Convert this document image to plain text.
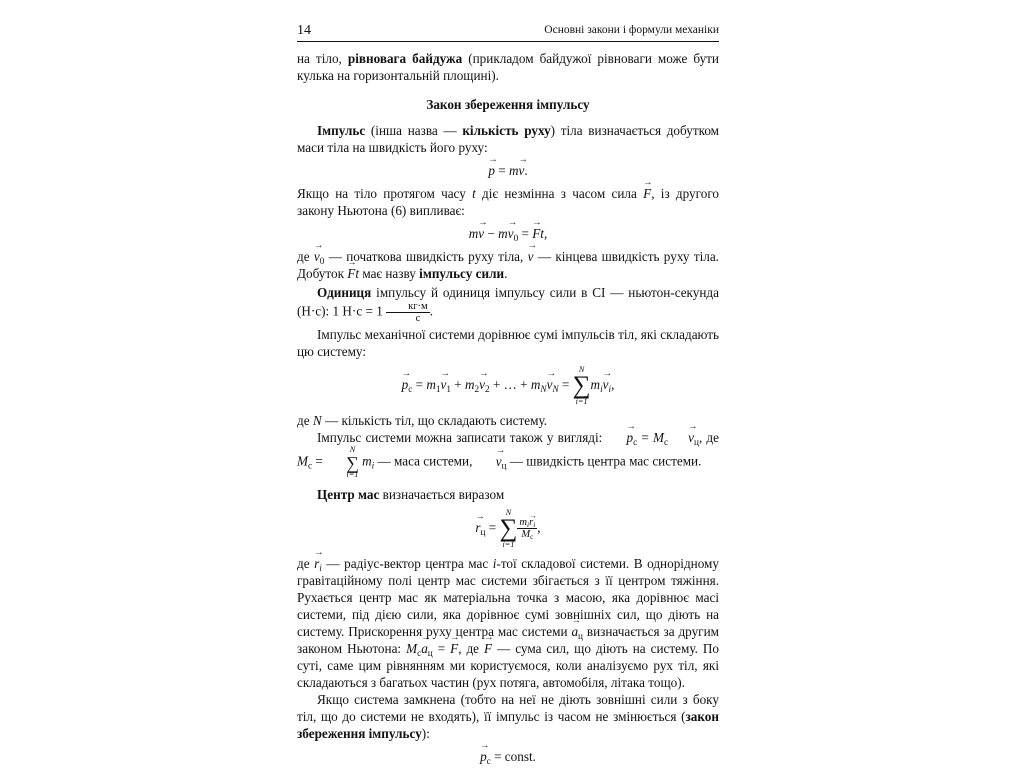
14	Основні закони і формули механіки

на тіло, рівновага байдужа (прикладом байдужої рівноваги може бути кулька на горизонтальній площині).

Закон збереження імпульсу

Імпульс (інша назва — кількість руху) тіла визначається добутком маси тіла на швидкість його руху:

→ p = m→ v.

Якщо на тіло протягом часу t діє незмінна з часом сила → F, із другого закону Ньютона (6) випливає:

$m\to v - m\to v_0$ = → Ft,

де → $v_0$ — початкова швидкість руху тіла, → v — кінцева швидкість руху тіла. Добуток → Ft має назву імпульсу сили.

Одиниця імпульсу й одиниця імпульсу сили в СІ — ньютон-секунда (Н·с): 1 $Н\cdot с = 1 \frac{кг\cdot м}{с}$ .

Імпульс механічної системи дорівнює сумі імпульсів тіл, які складають цю систему:

→ $p_c = m_1\to v_1 + m_2\to v_2$ + … + $m_N\to v_N$ =
N
∑
i=1
$m_i\to v_i$,

де N — кількість тіл, що складають систему.

Імпульс системи можна записати також у вигляді: → $p_c = M_c\to v_ц$, де $M_c$ =
N
∑
i=1
$m_i$ — маса системи, → $v_ц$ — швидкість центра мас системи.

Центр мас визначається виразом

→ $r_ц$ =
N
∑
i=1
$\frac{m_i\to r_i}{M_c}$ ,

де → $r_i$ — радіус-вектор центра мас i-тої складової системи. В однорідному гравітаційному полі центр мас системи збігається з її центром тяжіння. Рухається центр мас як матеріальна точка з масою, яка дорівнює масі системи, під дією сили, яка дорівнює сумі зовнішніх сил, що діють на систему. Прискорення руху центра мас системи → $a_ц$ визначається за другим законом Ньютона: $M_c\to a_ц$ = → F, де → F — сума сил, що діють на систему. По суті, саме цим рівнянням ми користуємося, коли аналізуємо рух тіл, які складаються з багатьох частин (рух потяга, автомобіля, літака тощо).

Якщо система замкнена (тобто на неї не діють зовнішні сили з боку тіл, що до системи не входять), її імпульс із часом не змінюється (закон збереження імпульсу):

→ $p_c$ = const.
